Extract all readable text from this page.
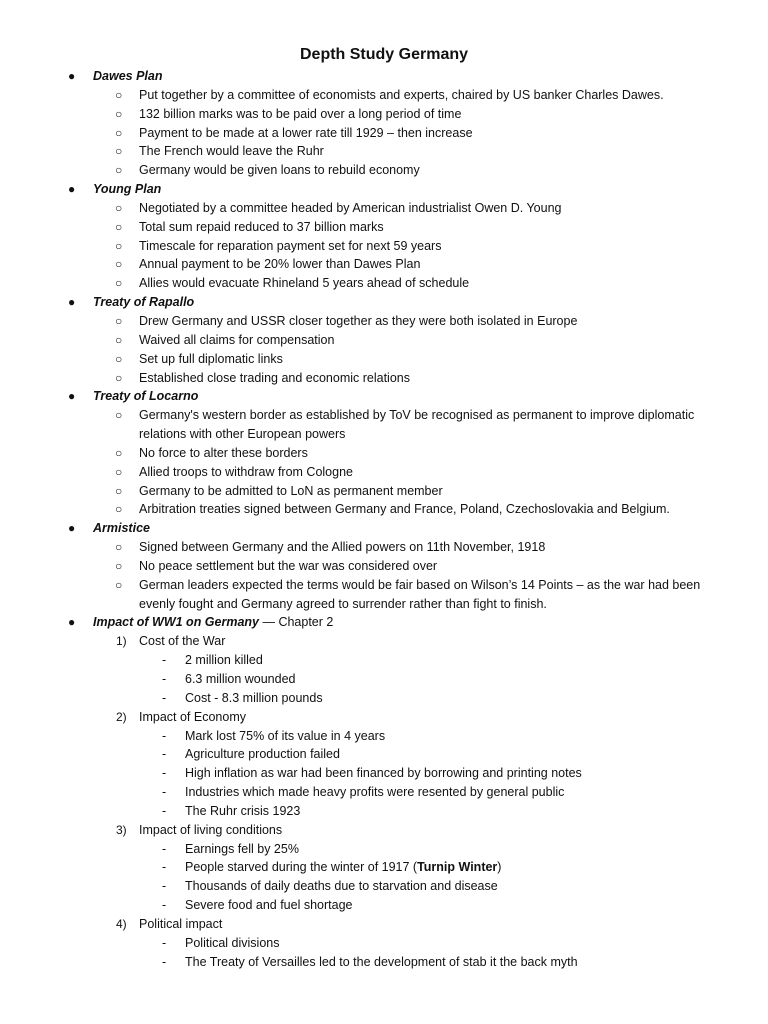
Depth Study Germany
● Dawes Plan
○ Put together by a committee of economists and experts, chaired by US banker Charles Dawes.
○ 132 billion marks was to be paid over a long period of time
○ Payment to be made at a lower rate till 1929 – then increase
○ The French would leave the Ruhr
○ Germany would be given loans to rebuild economy
● Young Plan
○ Negotiated by a committee headed by American industrialist Owen D. Young
○ Total sum repaid reduced to 37 billion marks
○ Timescale for reparation payment set for next 59 years
○ Annual payment to be 20% lower than Dawes Plan
○ Allies would evacuate Rhineland 5 years ahead of schedule
● Treaty of Rapallo
○ Drew Germany and USSR closer together as they were both isolated in Europe
○ Waived all claims for compensation
○ Set up full diplomatic links
○ Established close trading and economic relations
● Treaty of Locarno
○ Germany's western border as established by ToV be recognised as permanent to improve diplomatic relations with other European powers
○ No force to alter these borders
○ Allied troops to withdraw from Cologne
○ Germany to be admitted to LoN as permanent member
○ Arbitration treaties signed between Germany and France, Poland, Czechoslovakia and Belgium.
● Armistice
○ Signed between Germany and the Allied powers on 11th November, 1918
○ No peace settlement but the war was considered over
○ German leaders expected the terms would be fair based on Wilson’s 14 Points – as the war had been evenly fought and Germany agreed to surrender rather than fight to finish.
● Impact of WW1 on Germany — Chapter 2
1) Cost of the War
- 2 million killed
- 6.3 million wounded
- Cost - 8.3 million pounds
2) Impact of Economy
- Mark lost 75% of its value in 4 years
- Agriculture production failed
- High inflation as war had been financed by borrowing and printing notes
- Industries which made heavy profits were resented by general public
- The Ruhr crisis 1923
3) Impact of living conditions
- Earnings fell by 25%
- People starved during the winter of 1917 (Turnip Winter)
- Thousands of daily deaths due to starvation and disease
- Severe food and fuel shortage
4) Political impact
- Political divisions
- The Treaty of Versailles led to the development of stab it the back myth
